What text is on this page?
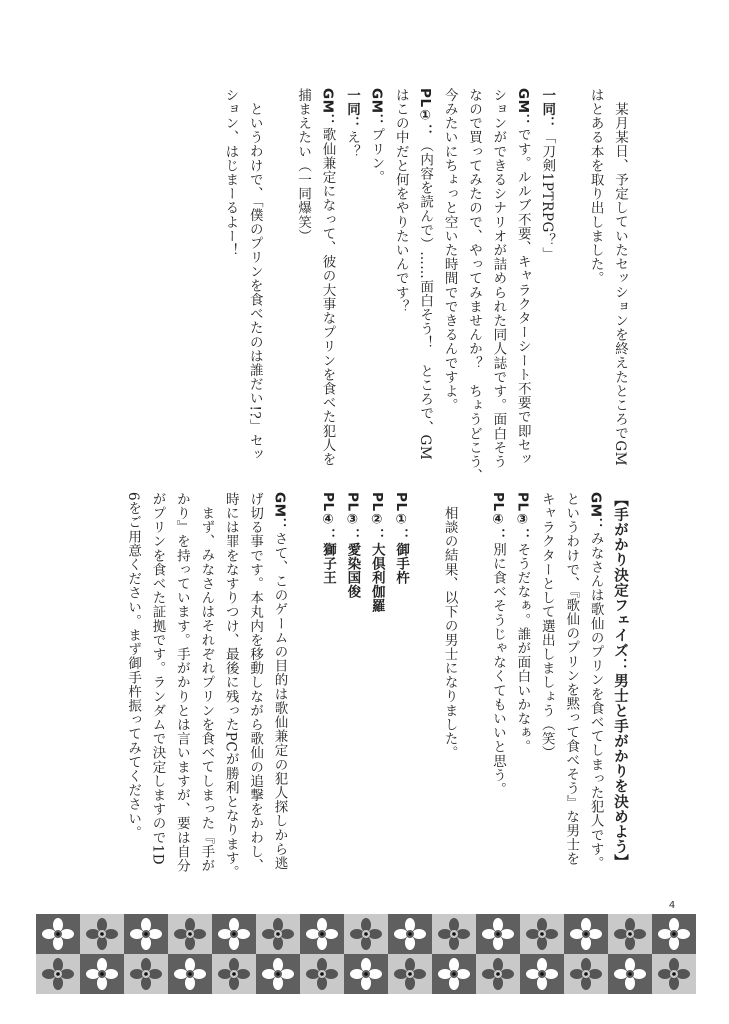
某月某日、予定していたセッションを終えたところでGM
はとある本を取り出しました。
一同：「刀剣1PTRPG？」
GM：です。ルルブ不要、キャラクターシート不要で即セッ
ションができるシナリオが詰められた同人誌です。面白そう
なので買ってみたので、やってみませんか？　ちょうどこう、
今みたいにちょっと空いた時間でできるんですよ。
PL①：（内容を読んで）……面白そう！　ところで、GM
はこの中だと何をやりたいんです？
GM：プリン。
一同：え？
GM：歌仙兼定になって、彼の大事なプリンを食べた犯人を
捕まえたい（一同爆笑）
というわけで、「僕のプリンを食べたのは誰だい!?」セッ
ション、はじまーるよー！
【手がかり決定フェイズ：男士と手がかりを決めよう】
GM：みなさんは歌仙のプリンを食べてしまった犯人です。
というわけで、『歌仙のプリンを黙って食べそう』な男士を
キャラクターとして選出しましょう（笑）
PL③：そうだなぁ。誰が面白いかなぁ。
PL④：別に食べそうじゃなくてもいいと思う。
相談の結果、以下の男士になりました。
PL①：御手杵
PL②：大倶利伽羅
PL③：愛染国俊
PL④：獅子王
GM：さて、このゲームの目的は歌仙兼定の犯人探しから逃
げ切る事です。本丸内を移動しながら歌仙の追撃をかわし、
時には罪をなすりつけ、最後に残ったPCが勝利となります。
まず、みなさんはそれぞれプリンを食べてしまった『手が
かり』を持っています。手がかりとは言いますが、要は自分
がプリンを食べた証拠です。ランダムで決定しますので1D
6をご用意ください。まず御手杵振ってみてください。
4
